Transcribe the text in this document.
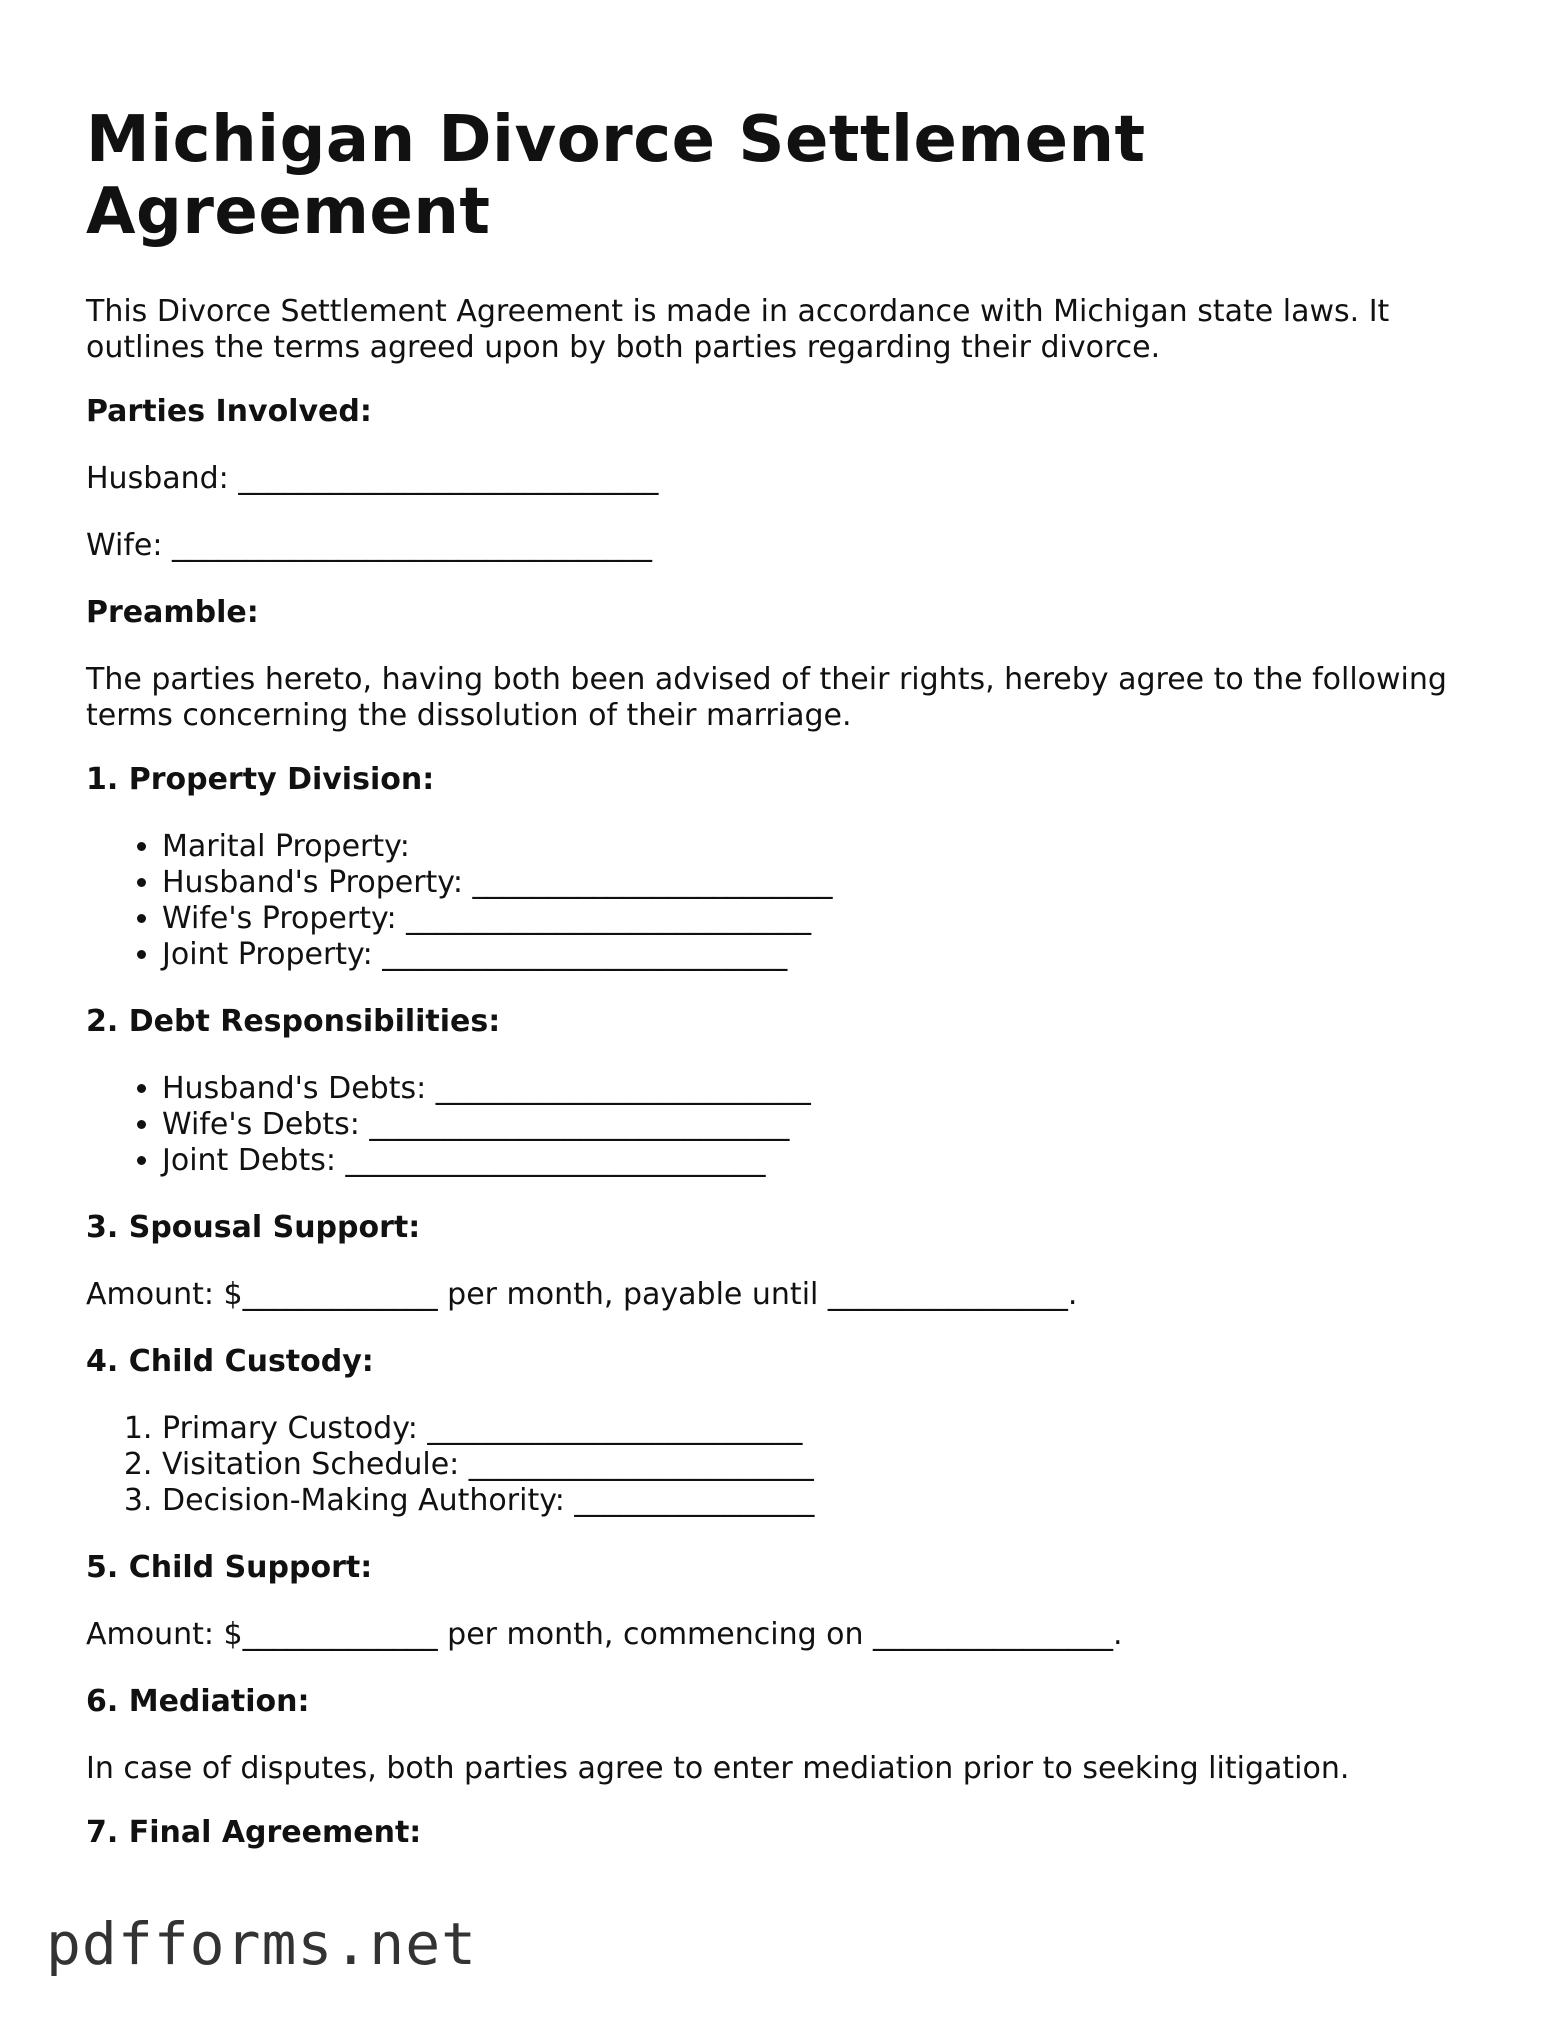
Michigan Divorce Settlement Agreement

This Divorce Settlement Agreement is made in accordance with Michigan state laws. It outlines the terms agreed upon by both parties regarding their divorce.

Parties Involved:
Husband: ____________________________
Wife: ________________________________
Preamble:

The parties hereto, having both been advised of their rights, hereby agree to the following terms concerning the dissolution of their marriage.

1. Property Division:
• Marital Property:
• Husband's Property: ________________________
• Wife's Property: ___________________________
• Joint Property: ___________________________
2. Debt Responsibilities:
• Husband's Debts: _________________________
• Wife's Debts: ____________________________
• Joint Debts: ____________________________
3. Spousal Support:
Amount: $_____________ per month, payable until ________________.
4. Child Custody:
1. Primary Custody: _________________________
2. Visitation Schedule: _______________________
3. Decision-Making Authority: ________________
5. Child Support:
Amount: $_____________ per month, commencing on ________________.
6. Mediation:

In case of disputes, both parties agree to enter mediation prior to seeking litigation.

7. Final Agreement:
pdfforms.net
